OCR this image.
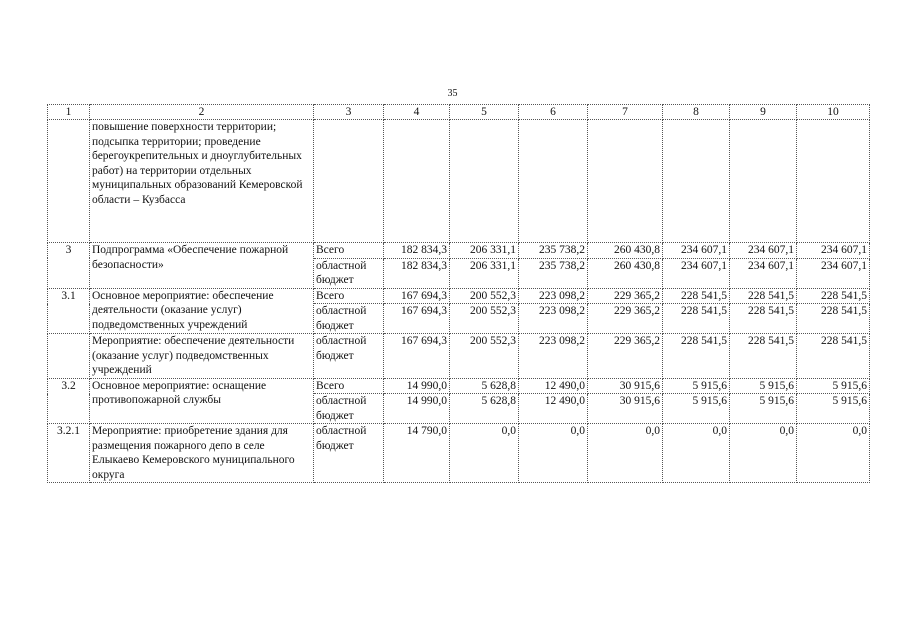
35
1	2	3	4	5	6	7	8	9	10
	повышение поверхности территории; подсыпка территории; проведение берегоукрепительных и дноуглубительных работ) на территории отдельных муниципальных образований Кемеровской области – Кузбасса								
3	Подпрограмма «Обеспечение пожарной безопасности»	Всего	182 834,3	206 331,1	235 738,2	260 430,8	234 607,1	234 607,1	234 607,1
		областной бюджет	182 834,3	206 331,1	235 738,2	260 430,8	234 607,1	234 607,1	234 607,1
3.1	Основное мероприятие: обеспечение деятельности (оказание услуг) подведомственных учреждений	Всего	167 694,3	200 552,3	223 098,2	229 365,2	228 541,5	228 541,5	228 541,5
		областной бюджет	167 694,3	200 552,3	223 098,2	229 365,2	228 541,5	228 541,5	228 541,5
	Мероприятие: обеспечение деятельности (оказание услуг) подведомственных учреждений	областной бюджет	167 694,3	200 552,3	223 098,2	229 365,2	228 541,5	228 541,5	228 541,5
3.2	Основное мероприятие: оснащение противопожарной службы	Всего	14 990,0	5 628,8	12 490,0	30 915,6	5 915,6	5 915,6	5 915,6
		областной бюджет	14 990,0	5 628,8	12 490,0	30 915,6	5 915,6	5 915,6	5 915,6
3.2.1	Мероприятие: приобретение здания для размещения пожарного депо в селе Елыкаево Кемеровского муниципального округа	областной бюджет	14 790,0	0,0	0,0	0,0	0,0	0,0	0,0
